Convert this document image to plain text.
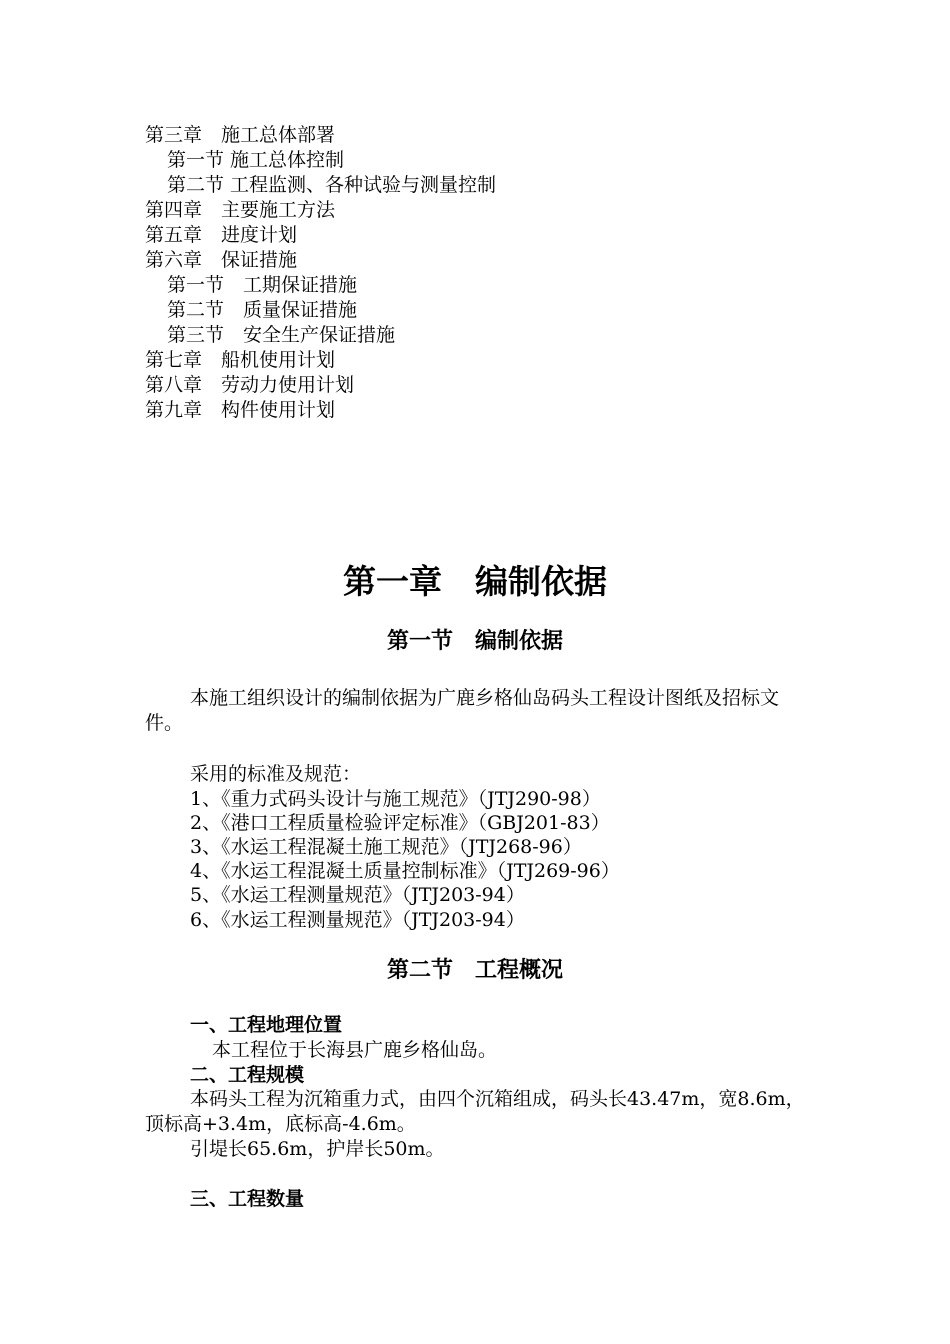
第三章　施工总体部署
第一节 施工总体控制
第二节 工程监测、各种试验与测量控制
第四章　主要施工方法
第五章　进度计划
第六章　保证措施
第一节　工期保证措施
第二节　质量保证措施
第三节　安全生产保证措施
第七章　船机使用计划
第八章　劳动力使用计划
第九章　构件使用计划
第一章　编制依据
第一节　编制依据
本施工组织设计的编制依据为广鹿乡格仙岛码头工程设计图纸及招标文件。
采用的标准及规范：
1、《重力式码头设计与施工规范》（JTJ290-98）
2、《港口工程质量检验评定标准》（GBJ201-83）
3、《水运工程混凝土施工规范》（JTJ268-96）
4、《水运工程混凝土质量控制标准》（JTJ269-96）
5、《水运工程测量规范》（JTJ203-94）
6、《水运工程测量规范》（JTJ203-94）
第二节　工程概况
一、工程地理位置
本工程位于长海县广鹿乡格仙岛。
二、工程规模
本码头工程为沉箱重力式，由四个沉箱组成，码头长43.47m，宽8.6m，顶标高+3.4m，底标高-4.6m。
引堤长65.6m，护岸长50m。
三、工程数量
